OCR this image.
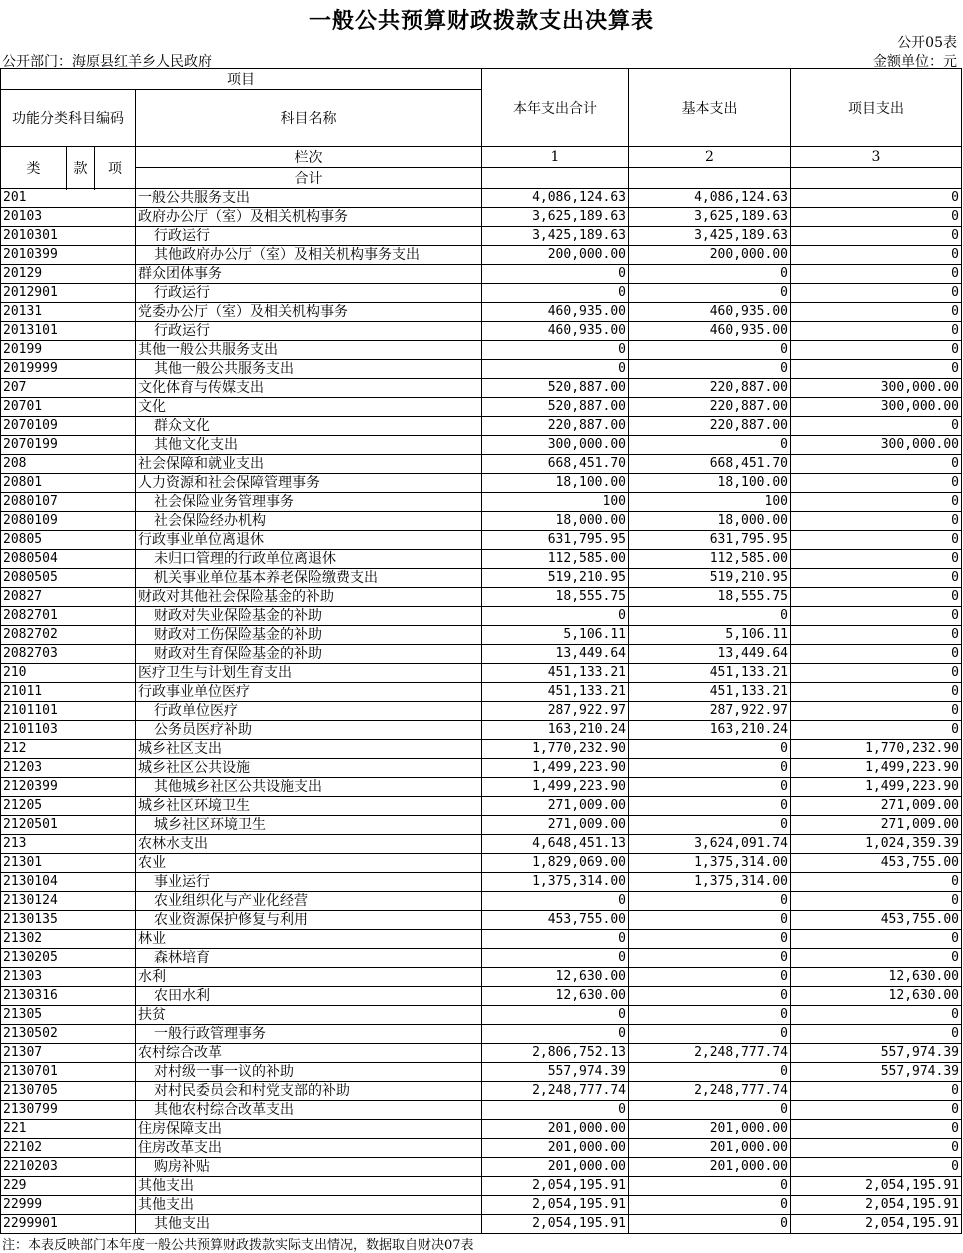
一般公共预算财政拨款支出决算表
公开05表
公开部门：海原县红羊乡人民政府	金额单位：元
项目				本年支出合计	基本支出	项目支出
功能分类科目编码			科目名称			

类	款	项	栏次	1	2	3
			合计			

201			一般公共服务支出	4,086,124.63	4,086,124.63	0
20103			政府办公厅（室）及相关机构事务	3,625,189.63	3,625,189.63	0
2010301			行政运行	3,425,189.63	3,425,189.63	0
2010399			其他政府办公厅（室）及相关机构事务支出	200,000.00	200,000.00	0
20129			群众团体事务	0	0	0
2012901			行政运行	0	0	0
20131			党委办公厅（室）及相关机构事务	460,935.00	460,935.00	0
2013101			行政运行	460,935.00	460,935.00	0
20199			其他一般公共服务支出	0	0	0
2019999			其他一般公共服务支出	0	0	0
207			文化体育与传媒支出	520,887.00	220,887.00	300,000.00
20701			文化	520,887.00	220,887.00	300,000.00
2070109			群众文化	220,887.00	220,887.00	0
2070199			其他文化支出	300,000.00	0	300,000.00
208			社会保障和就业支出	668,451.70	668,451.70	0
20801			人力资源和社会保障管理事务	18,100.00	18,100.00	0
2080107			社会保险业务管理事务	100	100	0
2080109			社会保险经办机构	18,000.00	18,000.00	0
20805			行政事业单位离退休	631,795.95	631,795.95	0
2080504			未归口管理的行政单位离退休	112,585.00	112,585.00	0
2080505			机关事业单位基本养老保险缴费支出	519,210.95	519,210.95	0
20827			财政对其他社会保险基金的补助	18,555.75	18,555.75	0
2082701			财政对失业保险基金的补助	0	0	0
2082702			财政对工伤保险基金的补助	5,106.11	5,106.11	0
2082703			财政对生育保险基金的补助	13,449.64	13,449.64	0
210			医疗卫生与计划生育支出	451,133.21	451,133.21	0
21011			行政事业单位医疗	451,133.21	451,133.21	0
2101101			行政单位医疗	287,922.97	287,922.97	0
2101103			公务员医疗补助	163,210.24	163,210.24	0
212			城乡社区支出	1,770,232.90	0	1,770,232.90
21203			城乡社区公共设施	1,499,223.90	0	1,499,223.90
2120399			其他城乡社区公共设施支出	1,499,223.90	0	1,499,223.90
21205			城乡社区环境卫生	271,009.00	0	271,009.00
2120501			城乡社区环境卫生	271,009.00	0	271,009.00
213			农林水支出	4,648,451.13	3,624,091.74	1,024,359.39
21301			农业	1,829,069.00	1,375,314.00	453,755.00
2130104			事业运行	1,375,314.00	1,375,314.00	0
2130124			农业组织化与产业化经营	0	0	0
2130135			农业资源保护修复与利用	453,755.00	0	453,755.00
21302			林业	0	0	0
2130205			森林培育	0	0	0
21303			水利	12,630.00	0	12,630.00
2130316			农田水利	12,630.00	0	12,630.00
21305			扶贫	0	0	0
2130502			一般行政管理事务	0	0	0
21307			农村综合改革	2,806,752.13	2,248,777.74	557,974.39
2130701			对村级一事一议的补助	557,974.39	0	557,974.39
2130705			对村民委员会和村党支部的补助	2,248,777.74	2,248,777.74	0
2130799			其他农村综合改革支出	0	0	0
221			住房保障支出	201,000.00	201,000.00	0
22102			住房改革支出	201,000.00	201,000.00	0
2210203			购房补贴	201,000.00	201,000.00	0
229			其他支出	2,054,195.91	0	2,054,195.91
22999			其他支出	2,054,195.91	0	2,054,195.91
2299901			其他支出	2,054,195.91	0	2,054,195.91
注：本表反映部门本年度一般公共预算财政拨款实际支出情况，数据取自财决07表
